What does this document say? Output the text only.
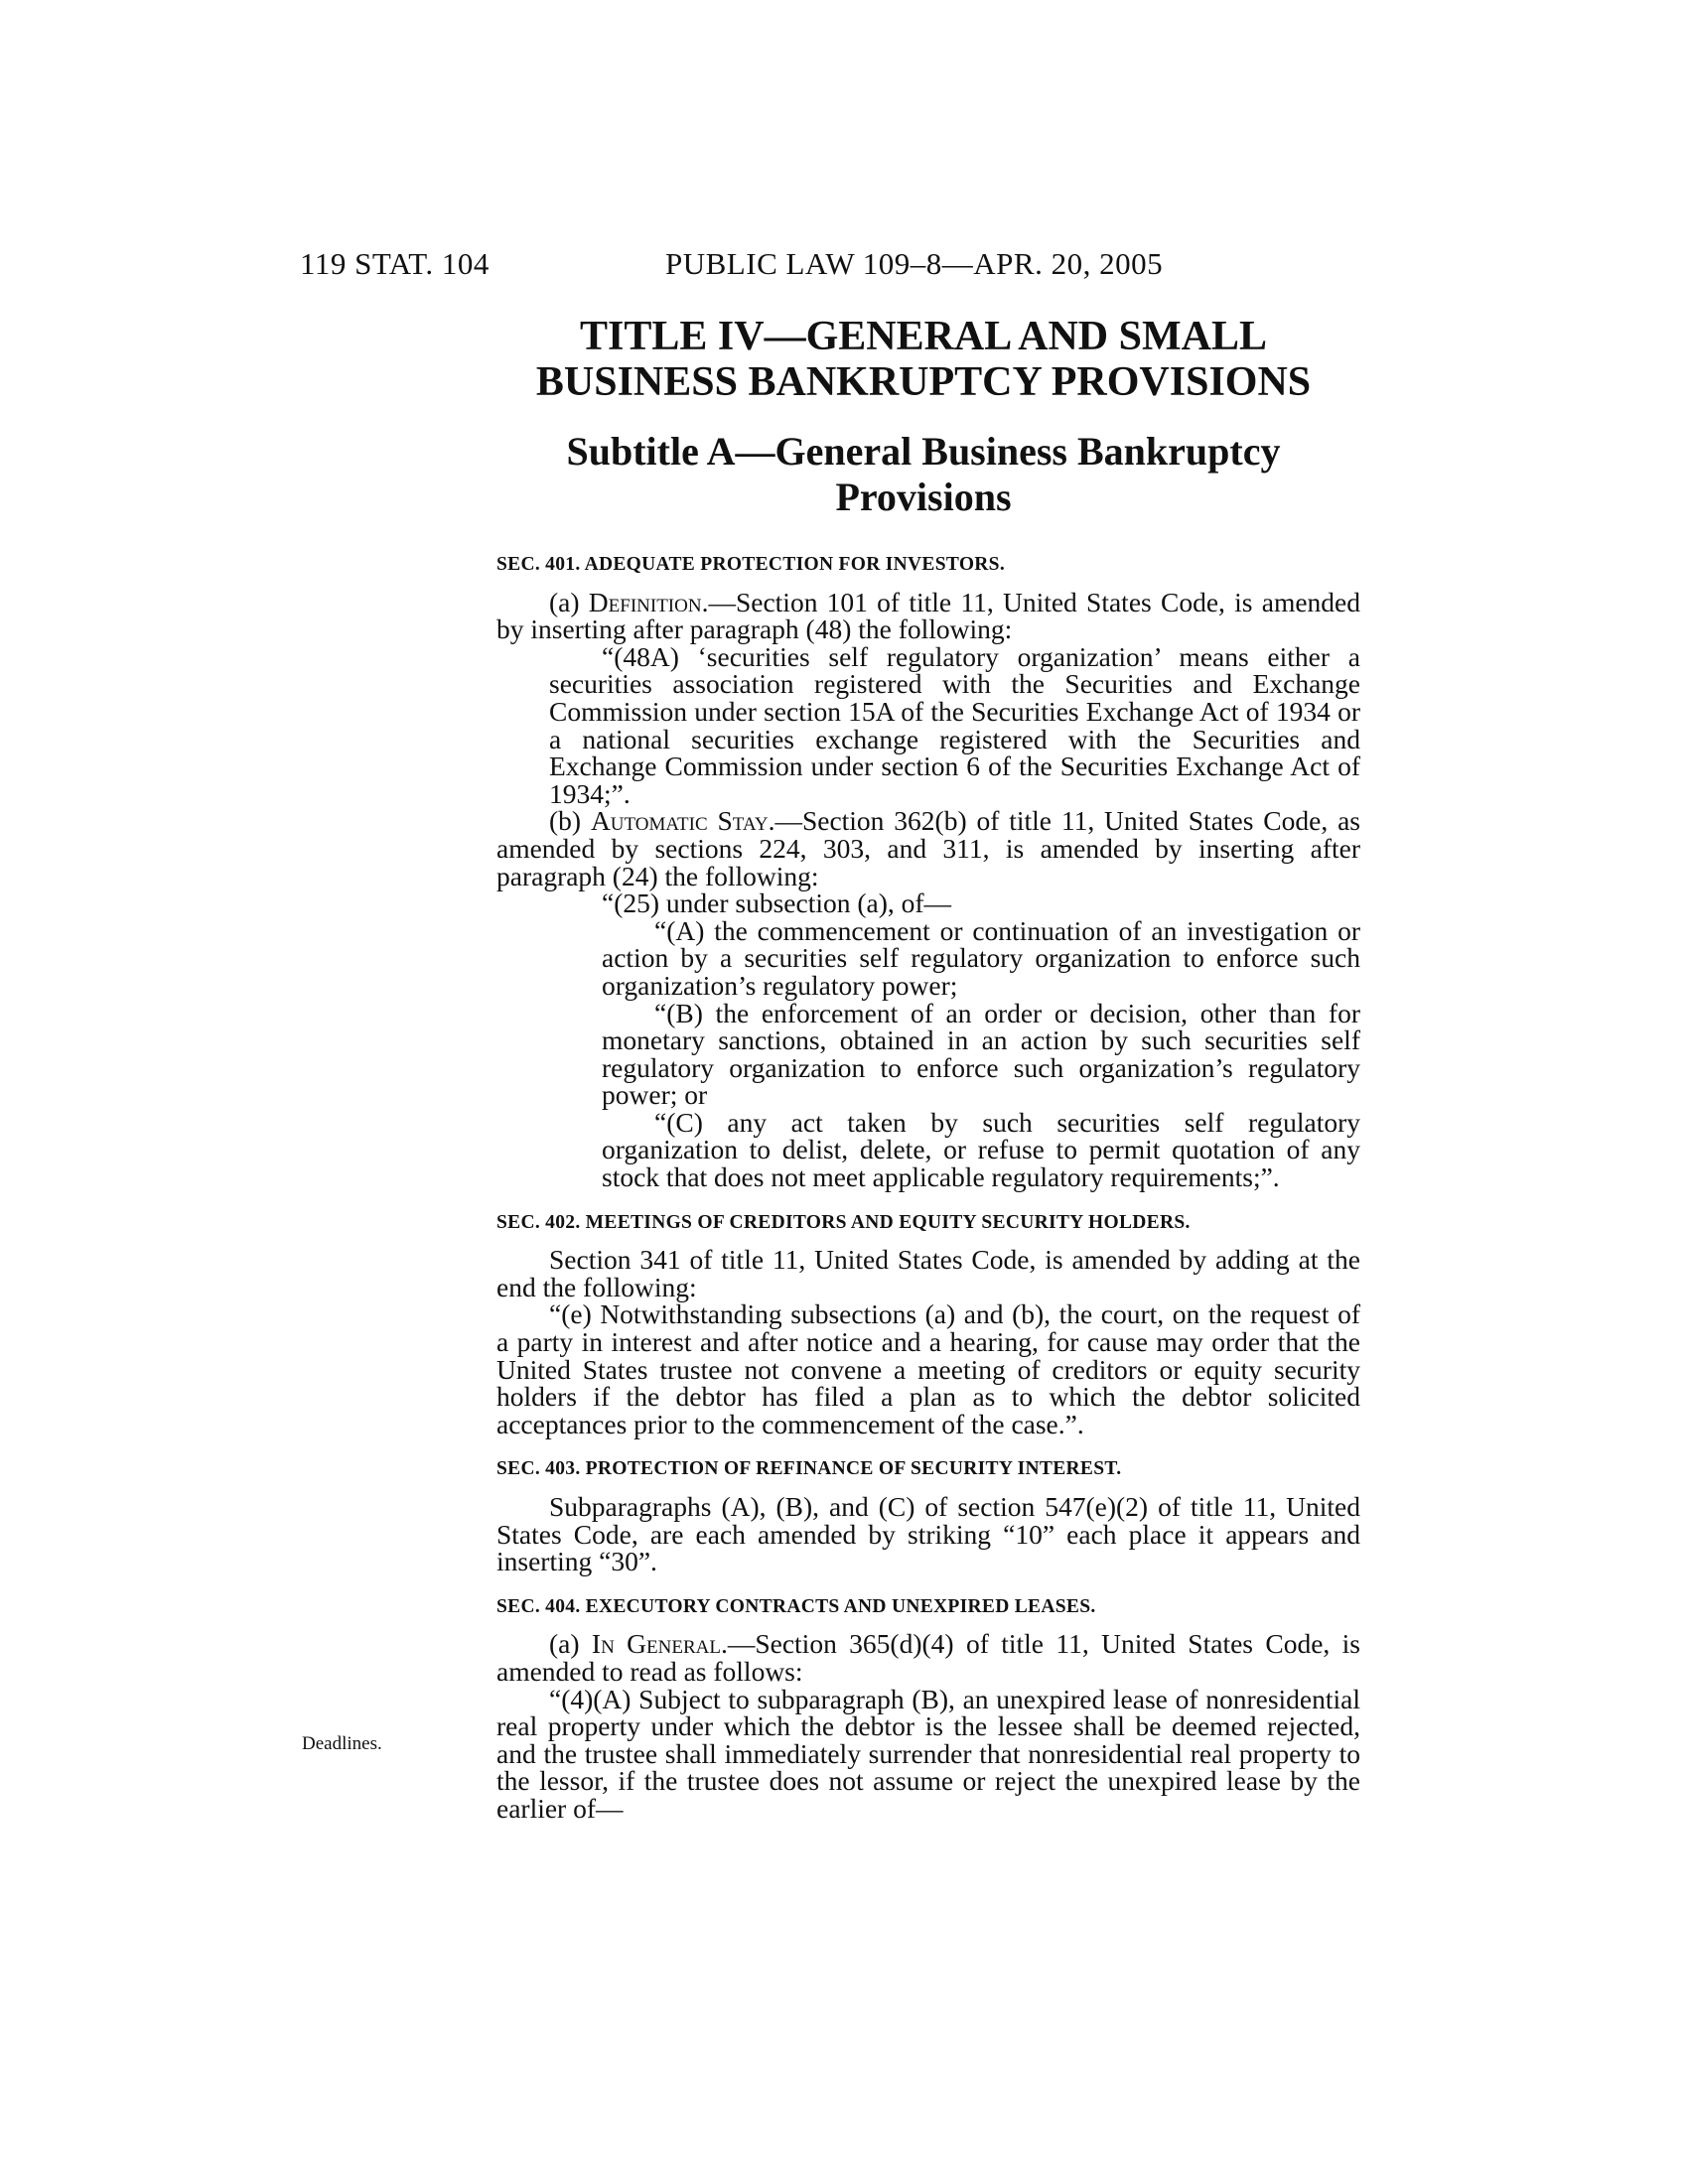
119 STAT. 104	PUBLIC LAW 109–8—APR. 20, 2005
TITLE IV—GENERAL AND SMALL
BUSINESS BANKRUPTCY PROVISIONS
Subtitle A—General Business Bankruptcy
Provisions

SEC. 401. ADEQUATE PROTECTION FOR INVESTORS.

(a) Definition.—Section 101 of title 11, United States Code, is amended by inserting after paragraph (48) the following:

“(48A) ‘securities self regulatory organization’ means either a securities association registered with the Securities and Exchange Commission under section 15A of the Securities Exchange Act of 1934 or a national securities exchange registered with the Securities and Exchange Commission under section 6 of the Securities Exchange Act of 1934;”.

(b) Automatic Stay.—Section 362(b) of title 11, United States Code, as amended by sections 224, 303, and 311, is amended by inserting after paragraph (24) the following:

“(25) under subsection (a), of—

“(A) the commencement or continuation of an investigation or action by a securities self regulatory organization to enforce such organization’s regulatory power;

“(B) the enforcement of an order or decision, other than for monetary sanctions, obtained in an action by such securities self regulatory organization to enforce such organization’s regulatory power; or

“(C) any act taken by such securities self regulatory organization to delist, delete, or refuse to permit quotation of any stock that does not meet applicable regulatory requirements;”.

SEC. 402. MEETINGS OF CREDITORS AND EQUITY SECURITY HOLDERS.

Section 341 of title 11, United States Code, is amended by adding at the end the following:

“(e) Notwithstanding subsections (a) and (b), the court, on the request of a party in interest and after notice and a hearing, for cause may order that the United States trustee not convene a meeting of creditors or equity security holders if the debtor has filed a plan as to which the debtor solicited acceptances prior to the commencement of the case.”.

SEC. 403. PROTECTION OF REFINANCE OF SECURITY INTEREST.

Subparagraphs (A), (B), and (C) of section 547(e)(2) of title 11, United States Code, are each amended by striking “10” each place it appears and inserting “30”.

SEC. 404. EXECUTORY CONTRACTS AND UNEXPIRED LEASES.

(a) In General.—Section 365(d)(4) of title 11, United States Code, is amended to read as follows:

“(4)(A) Subject to subparagraph (B), an unexpired lease of nonresidential real property under which the debtor is the lessee shall be deemed rejected, and the trustee shall immediately surrender that nonresidential real property to the lessor, if the trustee does not assume or reject the unexpired lease by the earlier of—

Deadlines.
